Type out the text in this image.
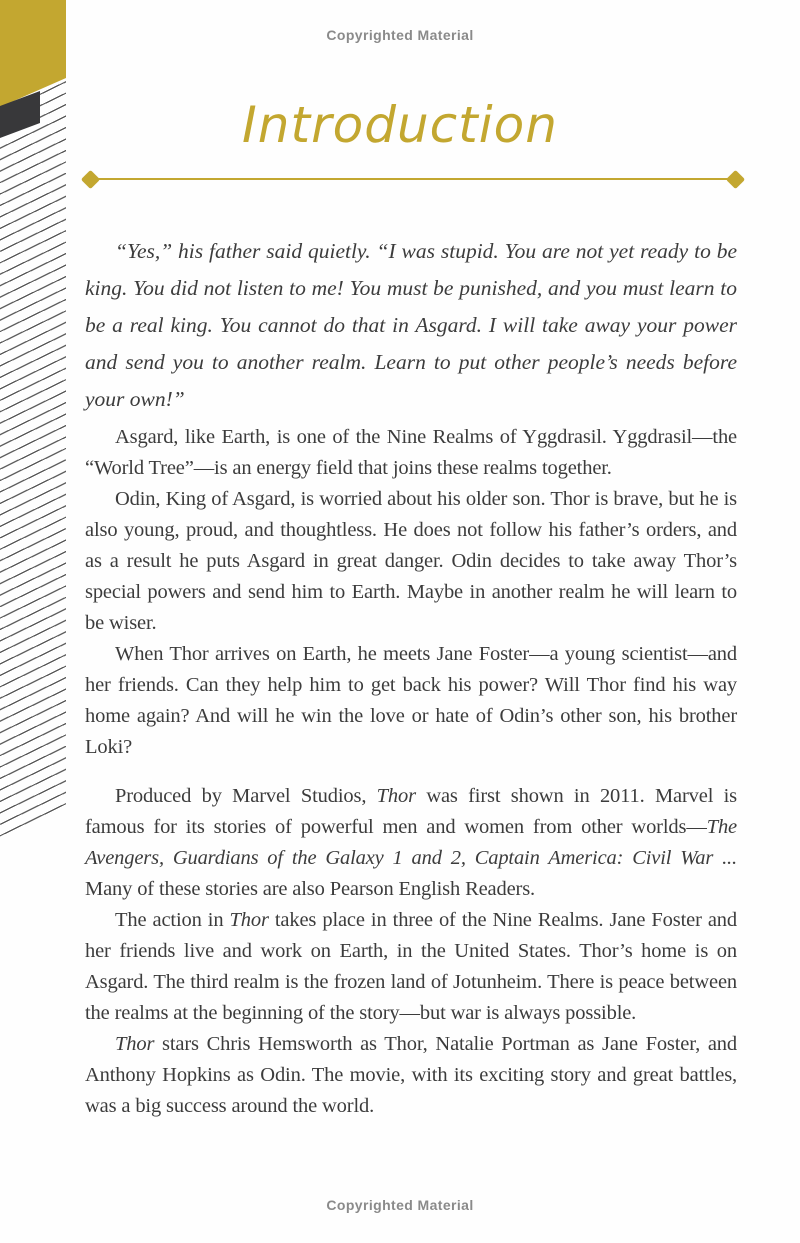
Copyrighted Material
Introduction

“Yes,” his father said quietly. “I was stupid. You are not yet ready to be king. You did not listen to me! You must be punished, and you must learn to be a real king. You cannot do that in Asgard. I will take away your power and send you to another realm. Learn to put other people’s needs before your own!”

Asgard, like Earth, is one of the Nine Realms of Yggdrasil. Yggdrasil—the “World Tree”—is an energy field that joins these realms together.

Odin, King of Asgard, is worried about his older son. Thor is brave, but he is also young, proud, and thoughtless. He does not follow his father’s orders, and as a result he puts Asgard in great danger. Odin decides to take away Thor’s special powers and send him to Earth. Maybe in another realm he will learn to be wiser.

When Thor arrives on Earth, he meets Jane Foster—a young scientist—and her friends. Can they help him to get back his power? Will Thor find his way home again? And will he win the love or hate of Odin’s other son, his brother Loki?

Produced by Marvel Studios, Thor was first shown in 2011. Marvel is famous for its stories of powerful men and women from other worlds—The Avengers, Guardians of the Galaxy 1 and 2, Captain America: Civil War ... Many of these stories are also Pearson English Readers.

The action in Thor takes place in three of the Nine Realms. Jane Foster and her friends live and work on Earth, in the United States. Thor’s home is on Asgard. The third realm is the frozen land of Jotunheim. There is peace between the realms at the beginning of the story—but war is always possible.

Thor stars Chris Hemsworth as Thor, Natalie Portman as Jane Foster, and Anthony Hopkins as Odin. The movie, with its exciting story and great battles, was a big success around the world.

Copyrighted Material
